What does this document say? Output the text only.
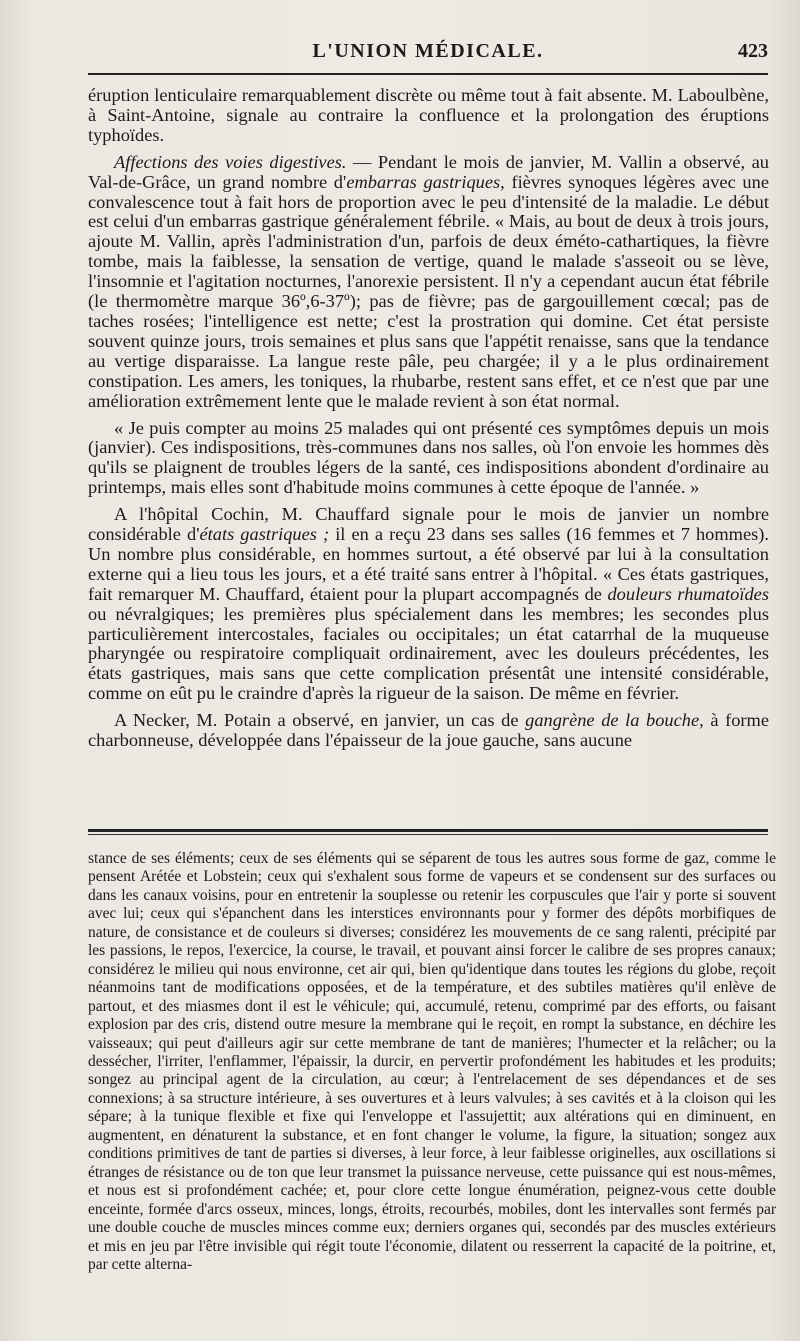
L'UNION MÉDICALE.	423

éruption lenticulaire remarquablement discrète ou même tout à fait absente. M. Laboulbène, à Saint-Antoine, signale au contraire la confluence et la prolongation des éruptions typhoïdes.

Affections des voies digestives. — Pendant le mois de janvier, M. Vallin a observé, au Val-de-Grâce, un grand nombre d'embarras gastriques, fièvres synoques légères avec une convalescence tout à fait hors de proportion avec le peu d'intensité de la maladie. Le début est celui d'un embarras gastrique généralement fébrile. « Mais, au bout de deux à trois jours, ajoute M. Vallin, après l'administration d'un, parfois de deux éméto-cathartiques, la fièvre tombe, mais la faiblesse, la sensation de vertige, quand le malade s'asseoit ou se lève, l'insomnie et l'agitation nocturnes, l'anorexie persistent. Il n'y a cependant aucun état fébrile (le thermomètre marque 36º,6-37º); pas de fièvre; pas de gargouillement cœcal; pas de taches rosées; l'intelligence est nette; c'est la prostration qui domine. Cet état persiste souvent quinze jours, trois semaines et plus sans que l'appétit renaisse, sans que la tendance au vertige disparaisse. La langue reste pâle, peu chargée; il y a le plus ordinairement constipation. Les amers, les toniques, la rhubarbe, restent sans effet, et ce n'est que par une amélioration extrêmement lente que le malade revient à son état normal.

« Je puis compter au moins 25 malades qui ont présenté ces symptômes depuis un mois (janvier). Ces indispositions, très-communes dans nos salles, où l'on envoie les hommes dès qu'ils se plaignent de troubles légers de la santé, ces indispositions abondent d'ordinaire au printemps, mais elles sont d'habitude moins communes à cette époque de l'année. »

A l'hôpital Cochin, M. Chauffard signale pour le mois de janvier un nombre considérable d'états gastriques ; il en a reçu 23 dans ses salles (16 femmes et 7 hommes). Un nombre plus considérable, en hommes surtout, a été observé par lui à la consultation externe qui a lieu tous les jours, et a été traité sans entrer à l'hôpital. « Ces états gastriques, fait remarquer M. Chauffard, étaient pour la plupart accompagnés de douleurs rhumatoïdes ou névralgiques; les premières plus spécialement dans les membres; les secondes plus particulièrement intercostales, faciales ou occipitales; un état catarrhal de la muqueuse pharyngée ou respiratoire compliquait ordinairement, avec les douleurs précédentes, les états gastriques, mais sans que cette complication présentât une intensité considérable, comme on eût pu le craindre d'après la rigueur de la saison. De même en février.

A Necker, M. Potain a observé, en janvier, un cas de gangrène de la bouche, à forme charbonneuse, développée dans l'épaisseur de la joue gauche, sans aucune

stance de ses éléments; ceux de ses éléments qui se séparent de tous les autres sous forme de gaz, comme le pensent Arétée et Lobstein; ceux qui s'exhalent sous forme de vapeurs et se condensent sur des surfaces ou dans les canaux voisins, pour en entretenir la souplesse ou retenir les corpuscules que l'air y porte si souvent avec lui; ceux qui s'épanchent dans les interstices environnants pour y former des dépôts morbifiques de nature, de consistance et de couleurs si diverses; considérez les mouvements de ce sang ralenti, précipité par les passions, le repos, l'exercice, la course, le travail, et pouvant ainsi forcer le calibre de ses propres canaux; considérez le milieu qui nous environne, cet air qui, bien qu'identique dans toutes les régions du globe, reçoit néanmoins tant de modifications opposées, et de la température, et des subtiles matières qu'il enlève de partout, et des miasmes dont il est le véhicule; qui, accumulé, retenu, comprimé par des efforts, ou faisant explosion par des cris, distend outre mesure la membrane qui le reçoit, en rompt la substance, en déchire les vaisseaux; qui peut d'ailleurs agir sur cette membrane de tant de manières; l'humecter et la relâcher; ou la dessécher, l'irriter, l'enflammer, l'épaissir, la durcir, en pervertir profondément les habitudes et les produits; songez au principal agent de la circulation, au cœur; à l'entrelacement de ses dépendances et de ses connexions; à sa structure intérieure, à ses ouvertures et à leurs valvules; à ses cavités et à la cloison qui les sépare; à la tunique flexible et fixe qui l'enveloppe et l'assujettit; aux altérations qui en diminuent, en augmentent, en dénaturent la substance, et en font changer le volume, la figure, la situation; songez aux conditions primitives de tant de parties si diverses, à leur force, à leur faiblesse originelles, aux oscillations si étranges de résistance ou de ton que leur transmet la puissance nerveuse, cette puissance qui est nous-mêmes, et nous est si profondément cachée; et, pour clore cette longue énumération, peignez-vous cette double enceinte, formée d'arcs osseux, minces, longs, étroits, recourbés, mobiles, dont les intervalles sont fermés par une double couche de muscles minces comme eux; derniers organes qui, secondés par des muscles extérieurs et mis en jeu par l'être invisible qui régit toute l'économie, dilatent ou resserrent la capacité de la poitrine, et, par cette alterna-
